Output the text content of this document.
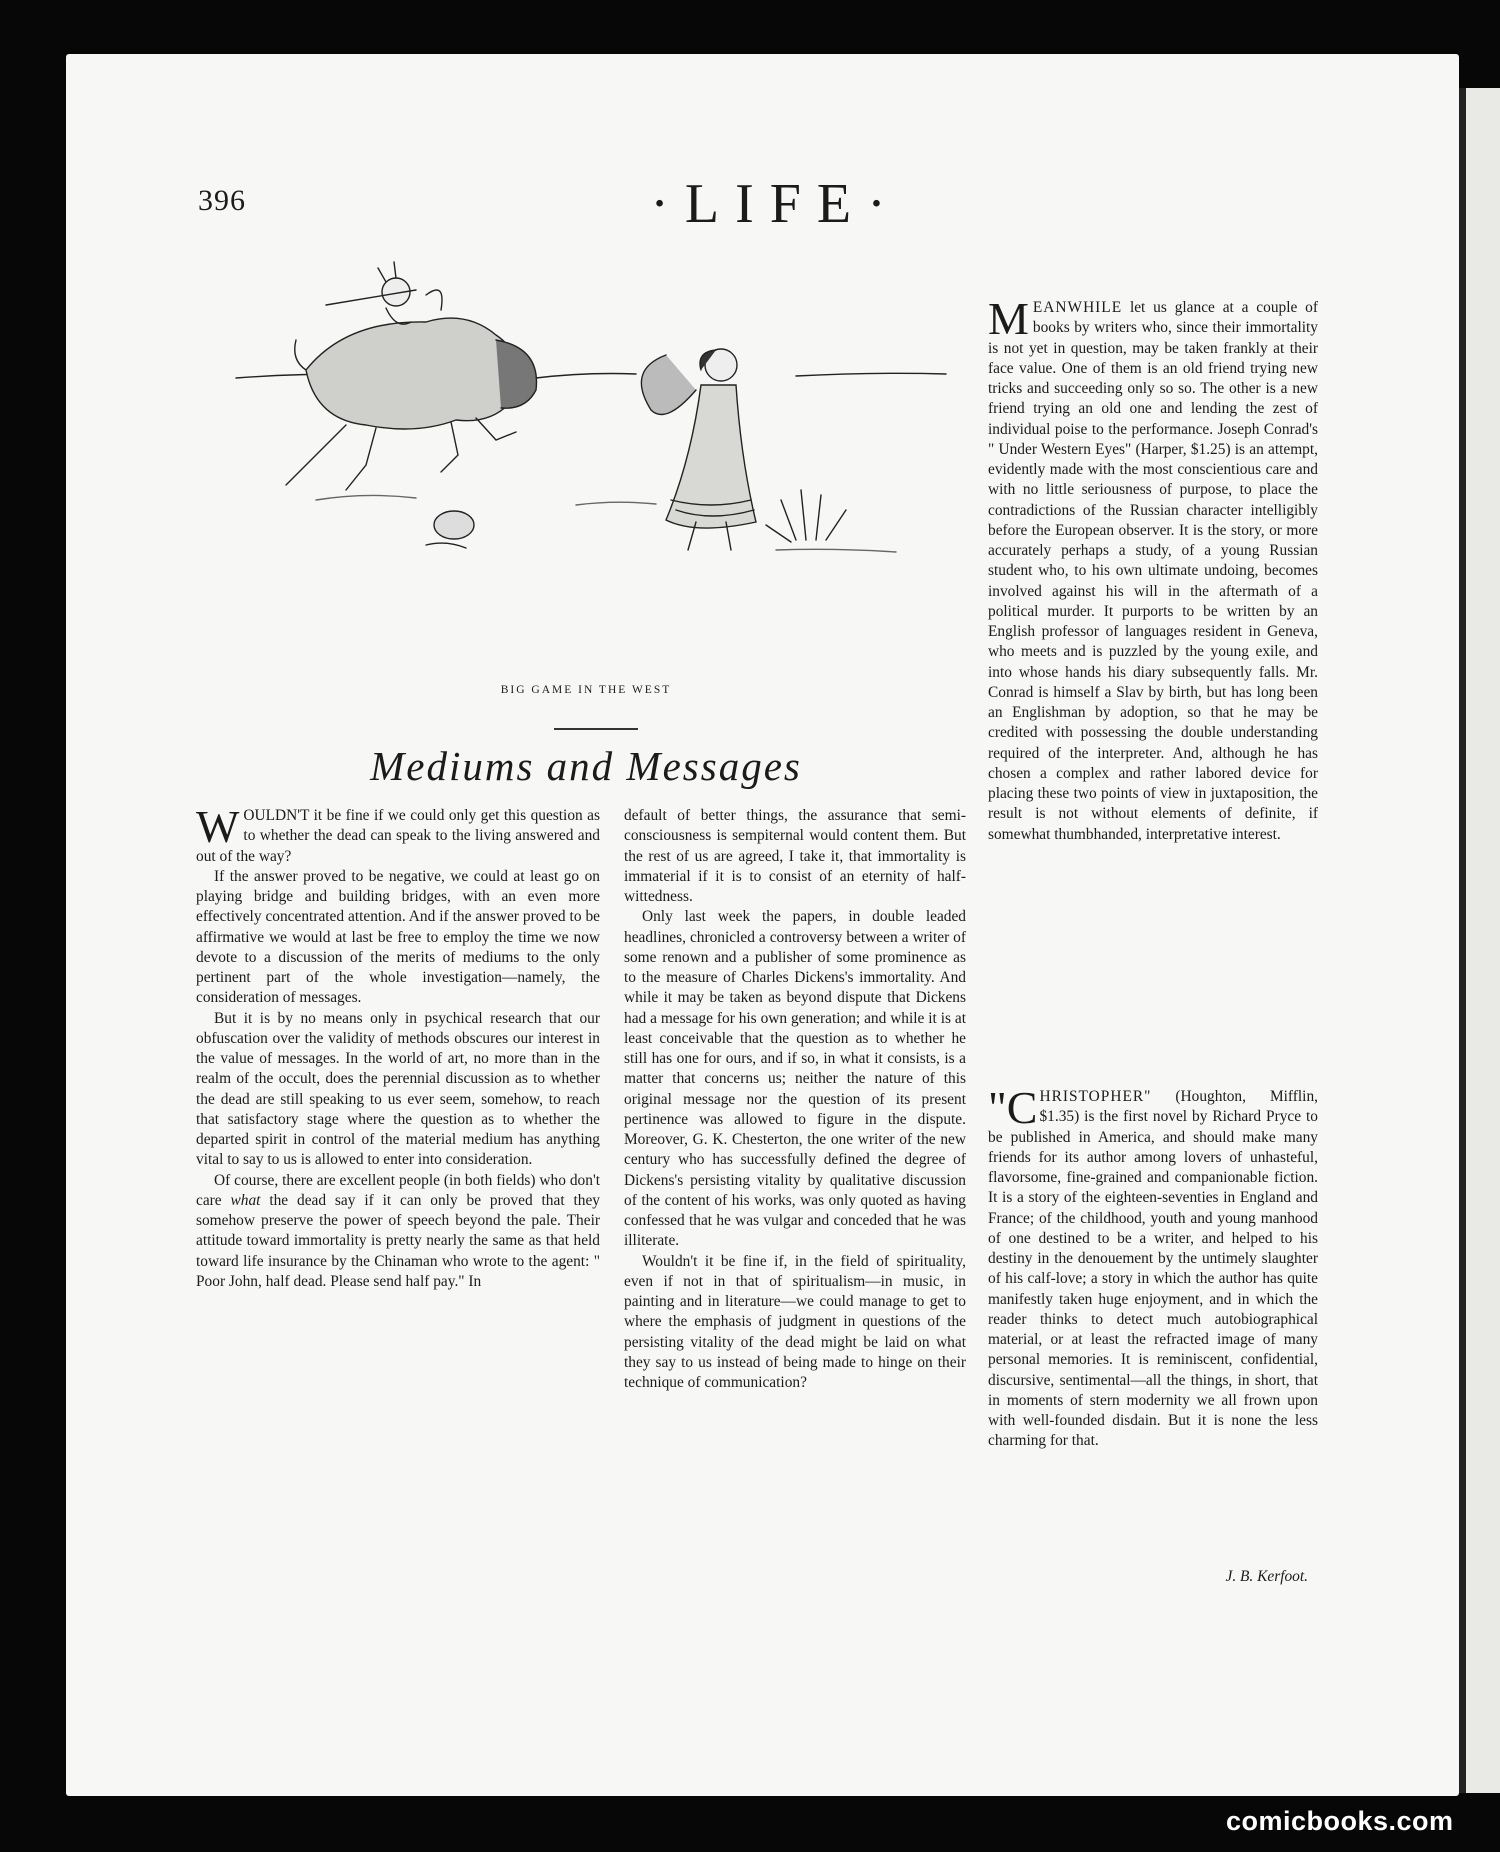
396	·LIFE·
BIG GAME IN THE WEST
Mediums and Messages

WOULDN'T it be fine if we could only get this question as to whether the dead can speak to the living answered and out of the way?

If the answer proved to be negative, we could at least go on playing bridge and building bridges, with an even more effectively concentrated attention. And if the answer proved to be affirmative we would at last be free to employ the time we now devote to a discussion of the merits of mediums to the only pertinent part of the whole investigation—namely, the consideration of messages.

But it is by no means only in psychical research that our obfuscation over the validity of methods obscures our interest in the value of messages. In the world of art, no more than in the realm of the occult, does the perennial discussion as to whether the dead are still speaking to us ever seem, somehow, to reach that satisfactory stage where the question as to whether the departed spirit in control of the material medium has anything vital to say to us is allowed to enter into consideration.

Of course, there are excellent people (in both fields) who don't care what the dead say if it can only be proved that they somehow preserve the power of speech beyond the pale. Their attitude toward immortality is pretty nearly the same as that held toward life insurance by the Chinaman who wrote to the agent: " Poor John, half dead. Please send half pay." In

default of better things, the assurance that semi-consciousness is sempiternal would content them. But the rest of us are agreed, I take it, that immortality is immaterial if it is to consist of an eternity of half-wittedness.

Only last week the papers, in double leaded headlines, chronicled a controversy between a writer of some renown and a publisher of some prominence as to the measure of Charles Dickens's immortality. And while it may be taken as beyond dispute that Dickens had a message for his own generation; and while it is at least conceivable that the question as to whether he still has one for ours, and if so, in what it consists, is a matter that concerns us; neither the nature of this original message nor the question of its present pertinence was allowed to figure in the dispute. Moreover, G. K. Chesterton, the one writer of the new century who has successfully defined the degree of Dickens's persisting vitality by qualitative discussion of the content of his works, was only quoted as having confessed that he was vulgar and conceded that he was illiterate.

Wouldn't it be fine if, in the field of spirituality, even if not in that of spiritualism—in music, in painting and in literature—we could manage to get to where the emphasis of judgment in questions of the persisting vitality of the dead might be laid on what they say to us instead of being made to hinge on their technique of communication?

MEANWHILE let us glance at a couple of books by writers who, since their immortality is not yet in question, may be taken frankly at their face value. One of them is an old friend trying new tricks and succeeding only so so. The other is a new friend trying an old one and lending the zest of individual poise to the performance. Joseph Conrad's " Under Western Eyes" (Harper, $1.25) is an attempt, evidently made with the most conscientious care and with no little seriousness of purpose, to place the contradictions of the Russian character intelligibly before the European observer. It is the story, or more accurately perhaps a study, of a young Russian student who, to his own ultimate undoing, becomes involved against his will in the aftermath of a political murder. It purports to be written by an English professor of languages resident in Geneva, who meets and is puzzled by the young exile, and into whose hands his diary subsequently falls. Mr. Conrad is himself a Slav by birth, but has long been an Englishman by adoption, so that he may be credited with possessing the double understanding required of the interpreter. And, although he has chosen a complex and rather labored device for placing these two points of view in juxtaposition, the result is not without elements of definite, if somewhat thumbhanded, interpretative interest.

"CHRISTOPHER" (Houghton, Mifflin, $1.35) is the first novel by Richard Pryce to be published in America, and should make many friends for its author among lovers of unhasteful, flavorsome, fine-grained and companionable fiction. It is a story of the eighteen-seventies in England and France; of the childhood, youth and young manhood of one destined to be a writer, and helped to his destiny in the denouement by the untimely slaughter of his calf-love; a story in which the author has quite manifestly taken huge enjoyment, and in which the reader thinks to detect much autobiographical material, or at least the refracted image of many personal memories. It is reminiscent, confidential, discursive, sentimental—all the things, in short, that in moments of stern modernity we all frown upon with well-founded disdain. But it is none the less charming for that.

J. B. Kerfoot.
comicbooks.com
